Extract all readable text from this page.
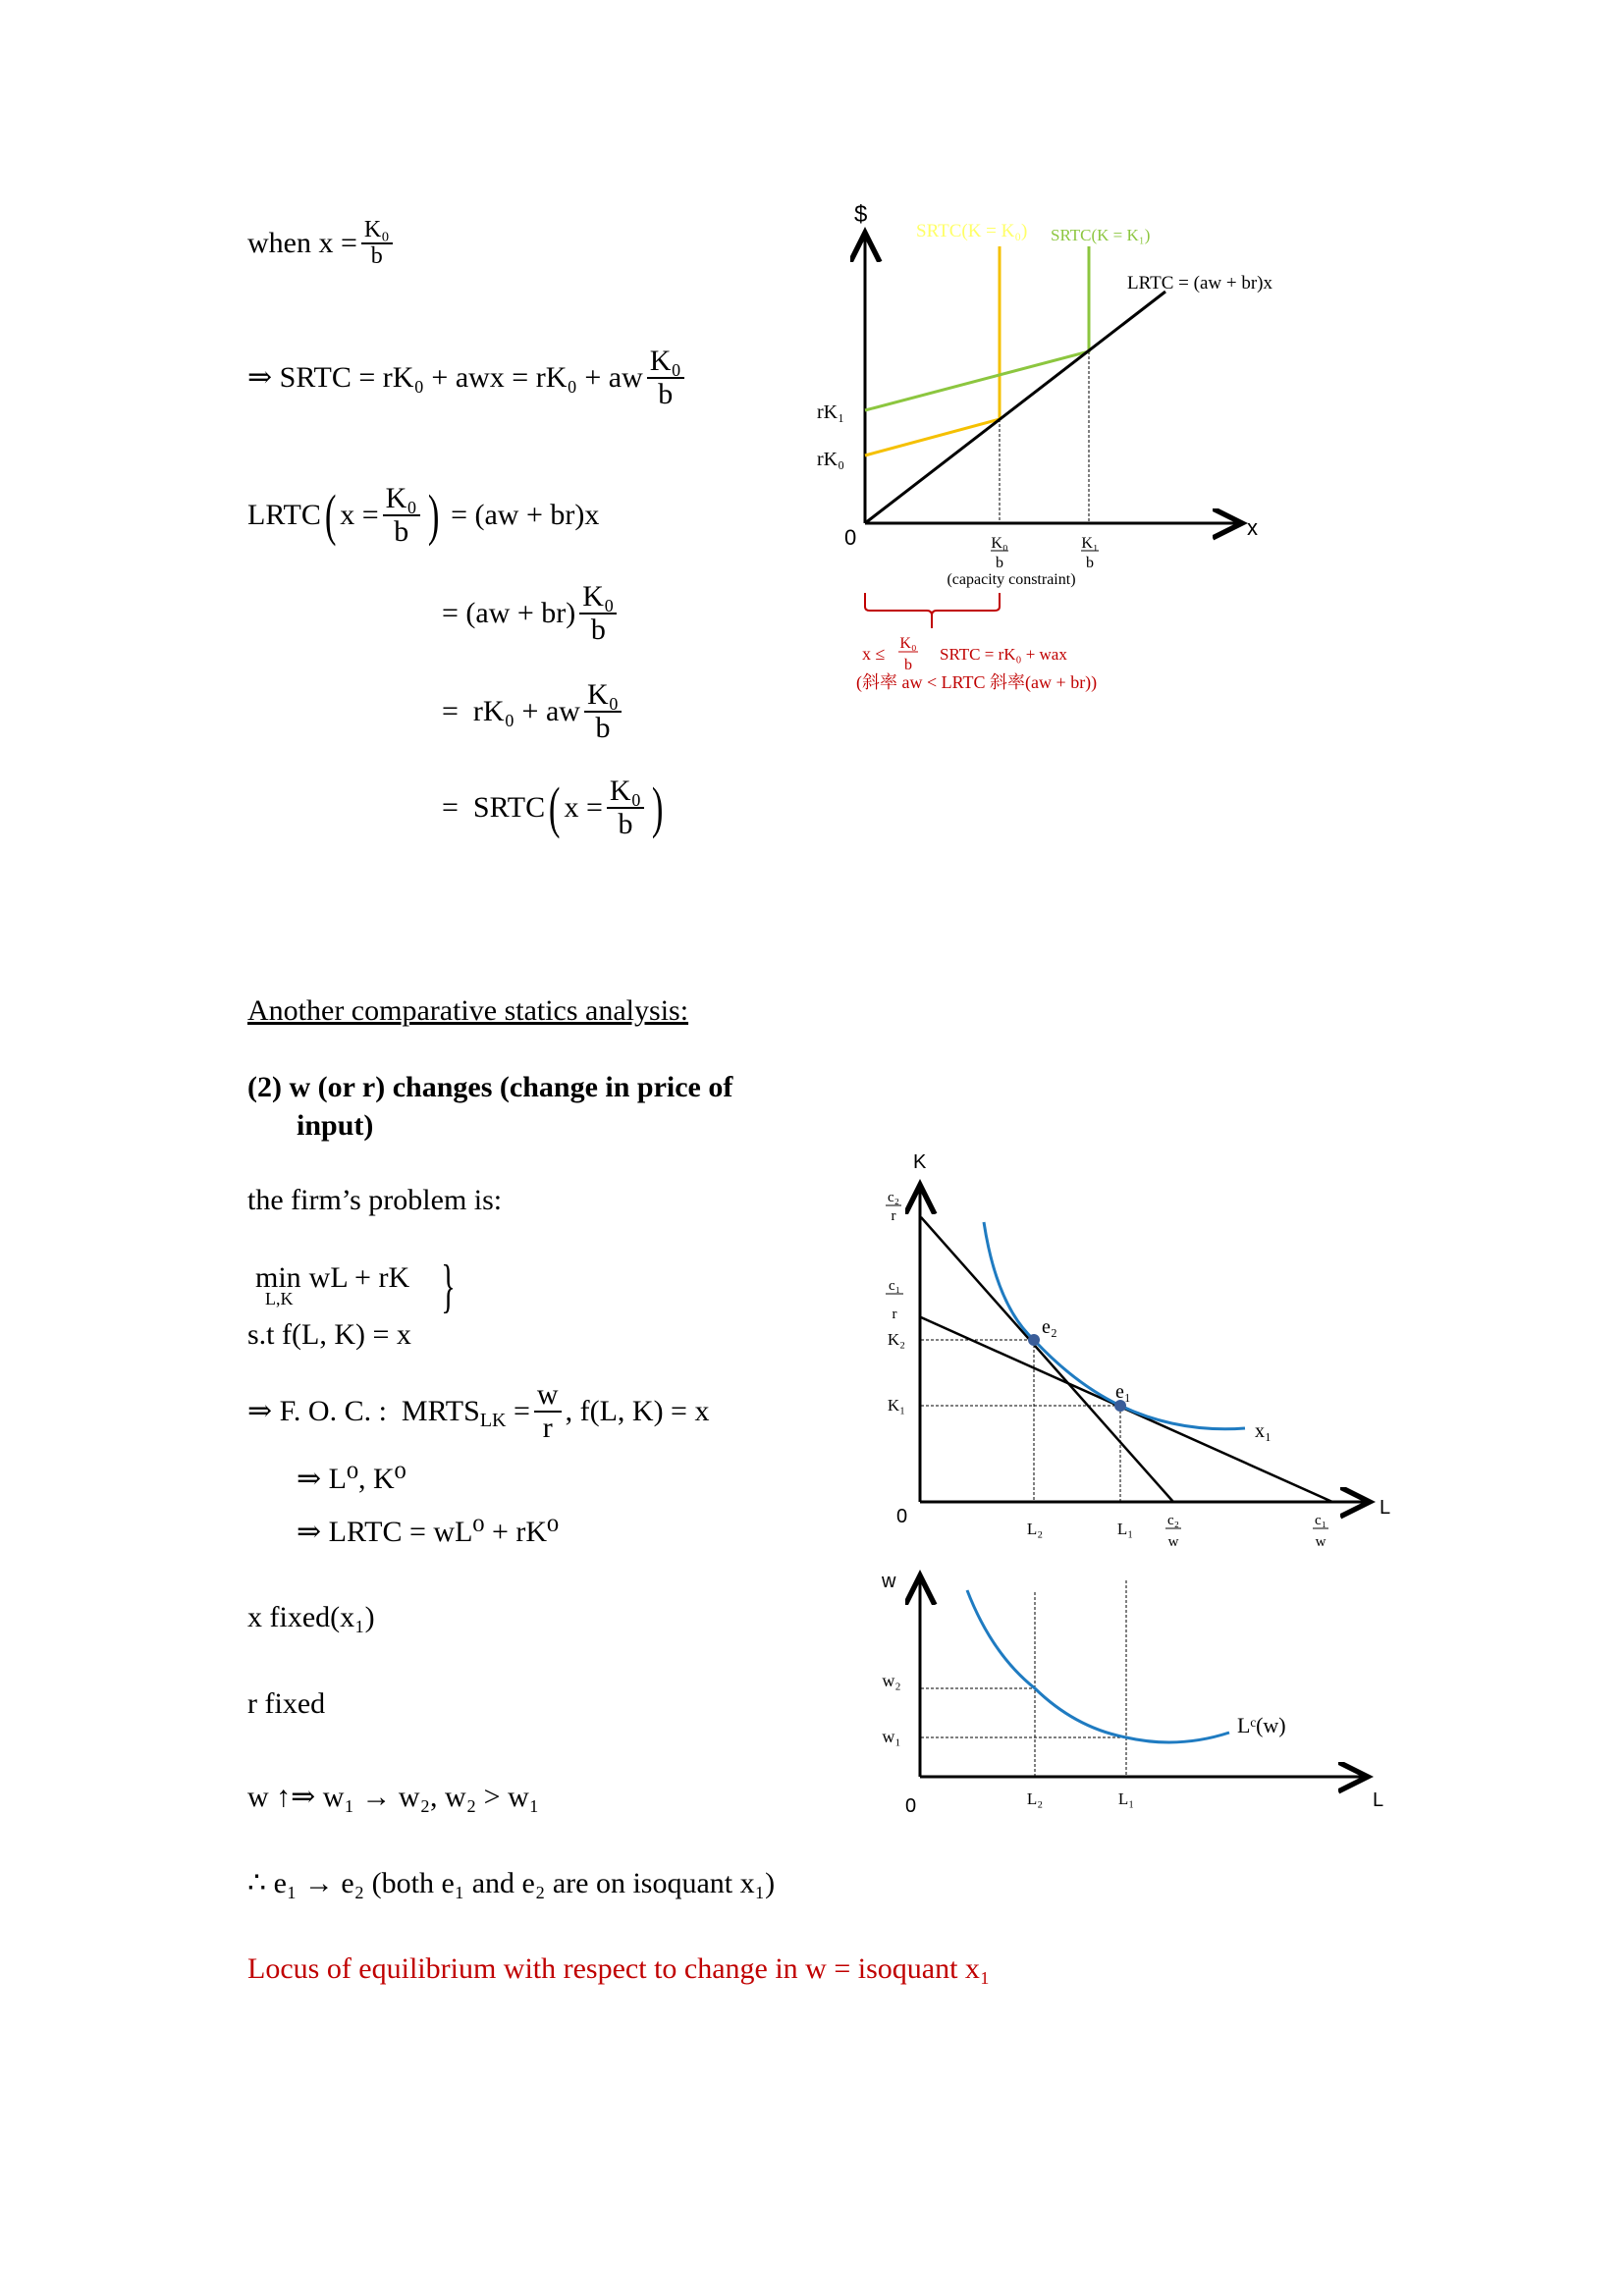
when $x = \frac{\text{K₀}}{b}$
⇒ SRTC = rK₀ + awx = rK₀ + aw $\frac{\text{K₀}}{b}$
LRTC ( $x = \frac{\text{K₀}}{b}$ ) = (aw + br)x
= $(aw + br) \frac{\text{K₀}}{b}$
=  rK₀ + aw $\frac{\text{K₀}}{b}$
=  SRTC ( $x = \frac{\text{K₀}}{b}$ )
Another comparative statics analysis:
(2) w (or r) changes (change in price of
input)
the firm’s problem is:
min
L,K
wL + rK
s.t f(L, K) = x
}
⇒ F. O. C. :  MRTS LK = $\frac{w}{r}$ , f(L, K) = x
⇒ L⁰, K⁰
⇒ LRTC = wL⁰ + rK⁰
x fixed(x₁)
r fixed
w ↑⇒ w₁ → w₂, w₂ > w₁
∴ e₁ → e₂ (both e₁ and e₂ are on isoquant x₁)
Locus of equilibrium with respect to change in w = isoquant x₁
$
x
0
SRTC(K = K₀) SRTC(K = K₁)
LRTC = (aw + br)x
rK₁
rK₀
K₀
b
K₁
b
(capacity constraint)
x ≤
K₀
b
SRTC = rK₀ + wax
(斜率 aw < LRTC 斜率(aw + br))
K
L
0
c₂
r
c₁
r
K₂
K₁
L₂	L₁ c₂
w
c₁
w
e₂
e₁
x₁
w
L
0
w₂
w₁
L₂	L₁
Lᶜ(w)
